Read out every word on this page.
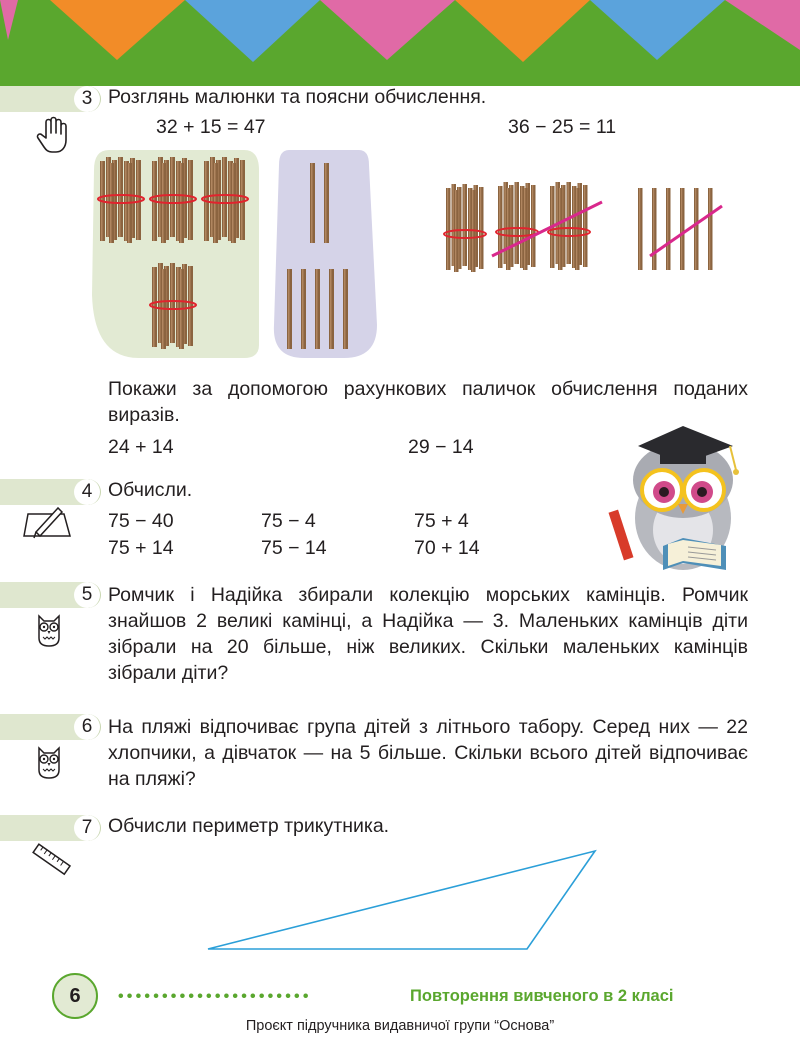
3 Розглянь малюнки та поясни обчислення.
32 + 15 = 47	36 − 25 = 11
Покажи за допомогою рахункових паличок обчислення поданих виразів.
24 + 14	29 − 14
4 Обчисли.
75 − 40	75 − 4	75 + 4
75 + 14	75 − 14	70 + 14
5 Ромчик і Надійка збирали колекцію морських камінців. Ромчик знайшов 2 великі камінці, а Надійка — 3. Маленьких камінців діти зібрали на 20 більше, ніж великих. Скільки маленьких камінців зібрали діти?
6 На пляжі відпочиває група дітей з літнього табору. Серед них — 22 хлопчики, а дівчаток — на 5 більше. Скільки всього дітей відпочиває на пляжі?
7 Обчисли периметр трикутника.
6	••••••••••••••••••••••	Повторення вивченого в 2 класі
Проєкт підручника видавничої групи “Основа”
